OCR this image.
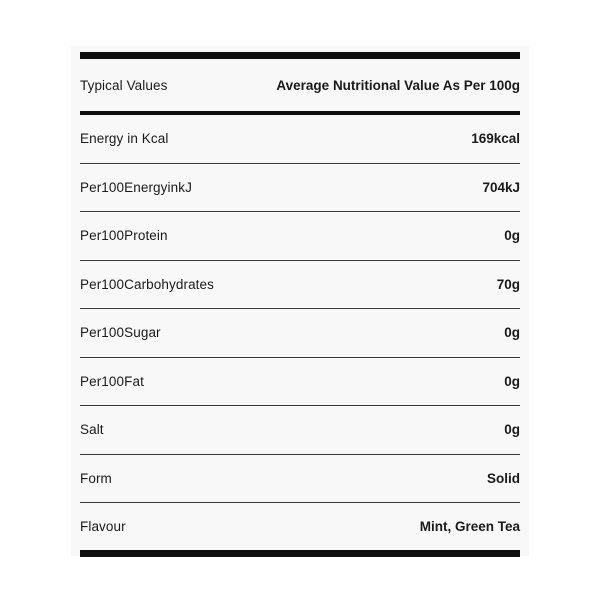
Typical Values	Average Nutritional Value As Per 100g
Energy in Kcal	169kcal
Per100EnergyinkJ	704kJ
Per100Protein	0g
Per100Carbohydrates	70g
Per100Sugar	0g
Per100Fat	0g
Salt	0g
Form	Solid
Flavour	Mint, Green Tea
